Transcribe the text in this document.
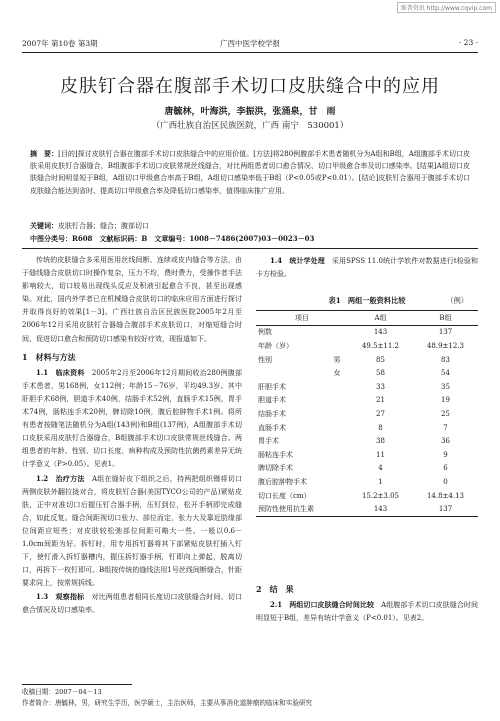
维普资讯 http://www.cqvip.com
2007年 第10卷 第3期	广西中医学校学报	· 23 ·
皮肤钉合器在腹部手术切口皮肤缝合中的应用
唐毓林，叶海洪，李振洪，张涌泉，甘　雨
（广西壮族自治区民族医院，广西 南宁　530001）
摘　要：[目的]探讨皮肤钉合器在腹部手术切口皮肤缝合中的应用价值。[方法]将280例腹部手术患者随机分为A组和B组，A组腹部手术切口皮肤采用皮肤钉合器缝合，B组腹部手术切口皮肤常规丝线缝合，对比两组患者切口愈合情况、切口甲级愈合率及切口感染率。[结果]A组切口皮肤缝合时间明显短于B组，A组切口甲级愈合率高于B组，A组切口感染率低于B组（P<0.05或P<0.01）。[结论]皮肤钉合器用于腹部手术切口皮肤缝合能达到省时、提高切口甲级愈合率及降低切口感染率，值得临床推广应用。
关键词：皮肤钉合器；缝合；腹部切口
中图分类号：R608　文献标识码：B　文章编号：1008－7486(2007)03－0023－03

传统的皮肤缝合多采用医用丝线间断、连续或皮内缝合等方法，由于缝线缝合皮肤切口时操作复杂，压力不均，费时费力，受操作者手法影响较大，切口较易出现线头反应及积液引起愈合不良，甚至出现感染。对此，国内外学者已在机械缝合皮肤切口的临床应用方面进行探讨并取得良好的效果[1－3]。广西壮族自治区民族医院2005年2月至2006年12月采用皮肤钉合器缝合腹部手术皮肤切口，对缩短缝合时间、促进切口愈合和预防切口感染有较好疗效，现报道如下。

1　材料与方法

1.1　临床资料　 2005年2月至2006年12月期间收治280例腹部手术患者，男168例，女112例；年龄15－76岁，平均49.3岁。其中肝胆手术68例，胆道手术40例，结肠手术52例，直肠手术15例，胃手术74例，肠粘连手术20例，脾切除10例，腹后腔肿物手术1例。将所有患者按随笔法随机分为A组(143例)和B组(137例)，A组腹部手术切口皮肤采用皮肤钉合器缝合，B组腹部手术切口皮肤常规丝线缝合。两组患者的年龄、性别、切口长度、病种构成及预防性抗菌药素差异无统计学意义（P>0.05）。见表1。

1.2　治疗方法　 A组在缝好皮下组织之后，持两把组织镊将切口两侧皮肤外翻拉拢对合，将皮肤钉合器(美国TYCO公司的产品)紧贴皮肤，正中对准切口后握压钉合器手柄，压钉到位，松开手柄即完成缝合，如此反复。缝合间距视切口张力、部位而定，张力大及靠近肋缘部位间距应短些；对皮肤较松弛部位间距可略大一些。一般以0.6－1.0cm间距为好。拆钉时，用专用拆钉器将其下部紧贴皮肤钉插入钉下，使钉滑入拆钉器槽内，握压拆钉器手柄，钉即向上弹起，脱离切口，再拆下一枚钉即可。B组按传统的缝线法用1号丝线间断缝合，针距要求同上，按常规拆线。

1.3　观察指标　 对比两组患者相同长度切口皮肤缝合时间、切口愈合情况及切口感染率。

1.4　统计学处理　 采用SPSS 11.0统计学软件对数据进行t检验和卡方检验。

表1　两组一般资料比较	（例）
项目		A组	B组
例数		143	137
年龄（岁）		49.5±11.2	48.9±12.3
性别	男	85	83
	女	58	54
肝胆手术		33	35
胆道手术		21	19
结肠手术		27	25
直肠手术		8	7
胃手术		38	36
肠粘连手术		11	9
脾切除手术		4	6
腹后腔肿物手术		1	0
切口长度（cm）		15.2±3.05	14.8±4.13
预防性使用抗生素		143	137
2　结　果

2.1　两组切口皮肤缝合时间比较　 A组腹部手术切口皮肤缝合时间明显短于B组，差异有统计学意义（P<0.01）。见表2。

收稿日期：2007－04－13
作者简介：唐毓林，男，研究生学历，医学硕士，主治医师，主要从事消化道肿瘤的临床和实验研究
